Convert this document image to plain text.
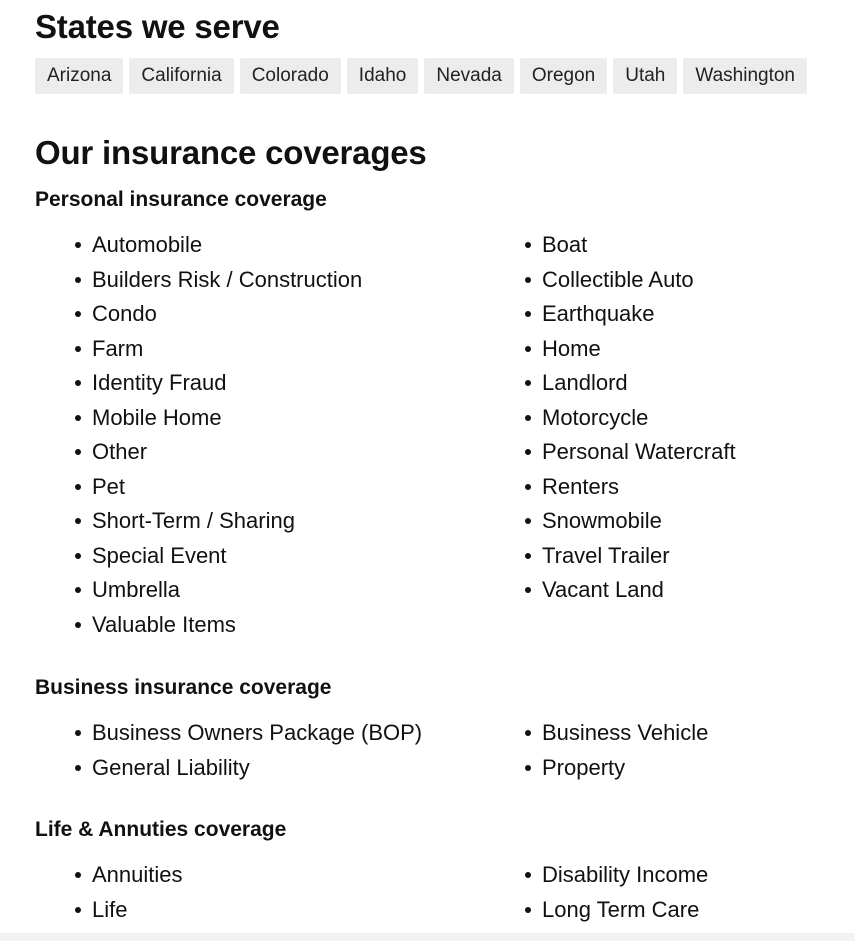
States we serve
Arizona	California	Colorado	Idaho	Nevada	Oregon	Utah	Washington
Our insurance coverages
Personal insurance coverage
Automobile
Builders Risk / Construction
Condo
Farm
Identity Fraud
Mobile Home
Other
Pet
Short-Term / Sharing
Special Event
Umbrella
Valuable Items
Boat
Collectible Auto
Earthquake
Home
Landlord
Motorcycle
Personal Watercraft
Renters
Snowmobile
Travel Trailer
Vacant Land
Business insurance coverage
Business Owners Package (BOP)
General Liability
Business Vehicle
Property
Life & Annuties coverage
Annuities
Life
Disability Income
Long Term Care
